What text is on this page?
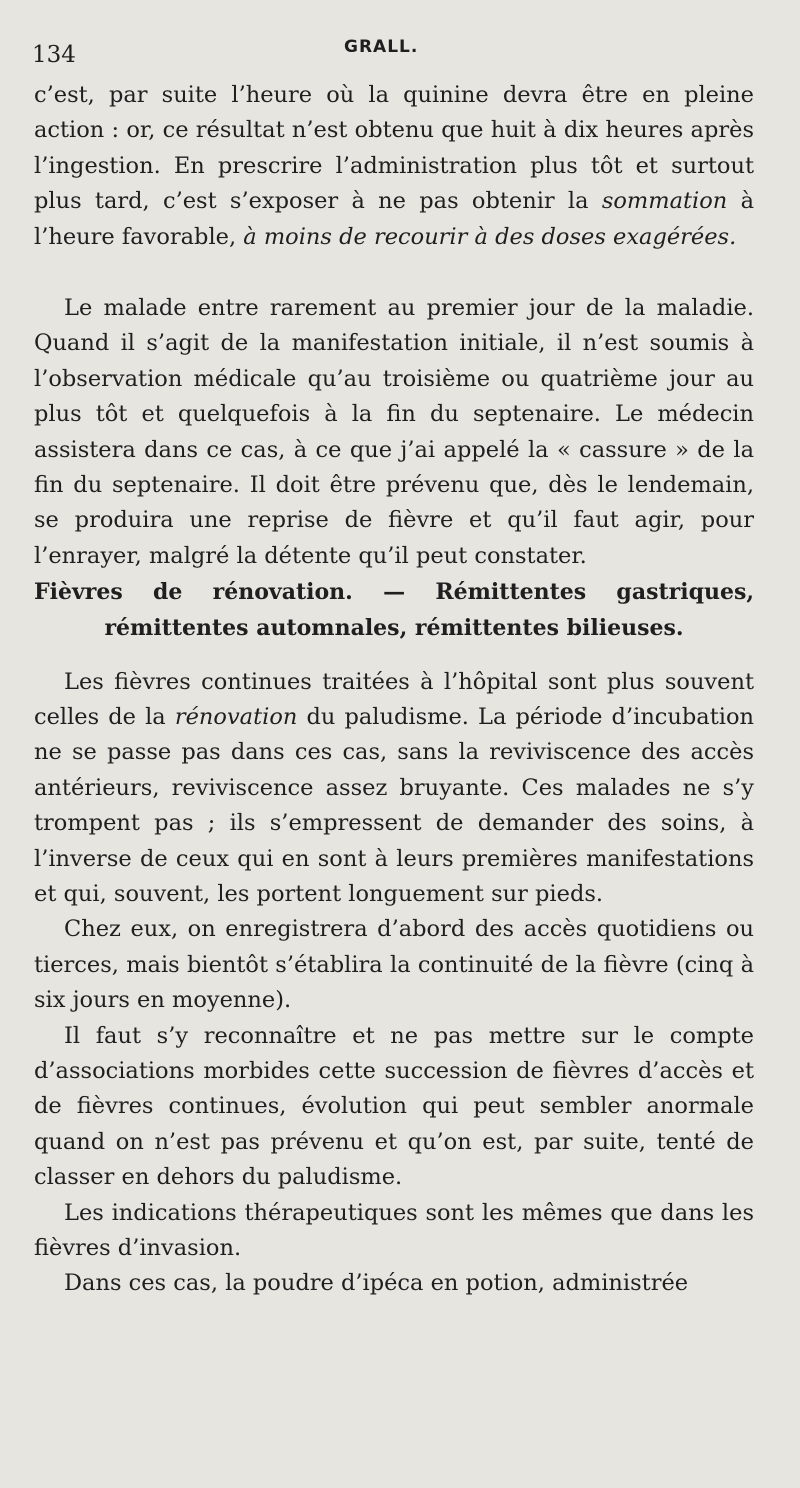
134	GRALL.

c’est, par suite l’heure où la quinine devra être en pleine action : or, ce résultat n’est obtenu que huit à dix heures après l’ingestion. En prescrire l’administration plus tôt et surtout plus tard, c’est s’exposer à ne pas obtenir la sommation à l’heure favorable, à moins de recourir à des doses exagérées.

Le malade entre rarement au premier jour de la maladie. Quand il s’agit de la manifestation initiale, il n’est soumis à l’observation médicale qu’au troisième ou quatrième jour au plus tôt et quelquefois à la fin du septenaire. Le médecin assistera dans ce cas, à ce que j’ai appelé la « cassure » de la fin du septenaire. Il doit être prévenu que, dès le lendemain, se produira une reprise de fièvre et qu’il faut agir, pour l’enrayer, malgré la détente qu’il peut constater.

Fièvres de rénovation. — Rémittentes gastriques,
rémittentes automnales, rémittentes bilieuses.

Les fièvres continues traitées à l’hôpital sont plus souvent celles de la rénovation du paludisme. La période d’incubation ne se passe pas dans ces cas, sans la reviviscence des accès antérieurs, reviviscence assez bruyante. Ces malades ne s’y trompent pas ; ils s’empressent de demander des soins, à l’inverse de ceux qui en sont à leurs premières manifestations et qui, souvent, les portent longuement sur pieds.

Chez eux, on enregistrera d’abord des accès quotidiens ou tierces, mais bientôt s’établira la continuité de la fièvre (cinq à six jours en moyenne).

Il faut s’y reconnaître et ne pas mettre sur le compte d’associations morbides cette succession de fièvres d’accès et de fièvres continues, évolution qui peut sembler anormale quand on n’est pas prévenu et qu’on est, par suite, tenté de classer en dehors du paludisme.

Les indications thérapeutiques sont les mêmes que dans les fièvres d’invasion.

Dans ces cas, la poudre d’ipéca en potion, administrée
